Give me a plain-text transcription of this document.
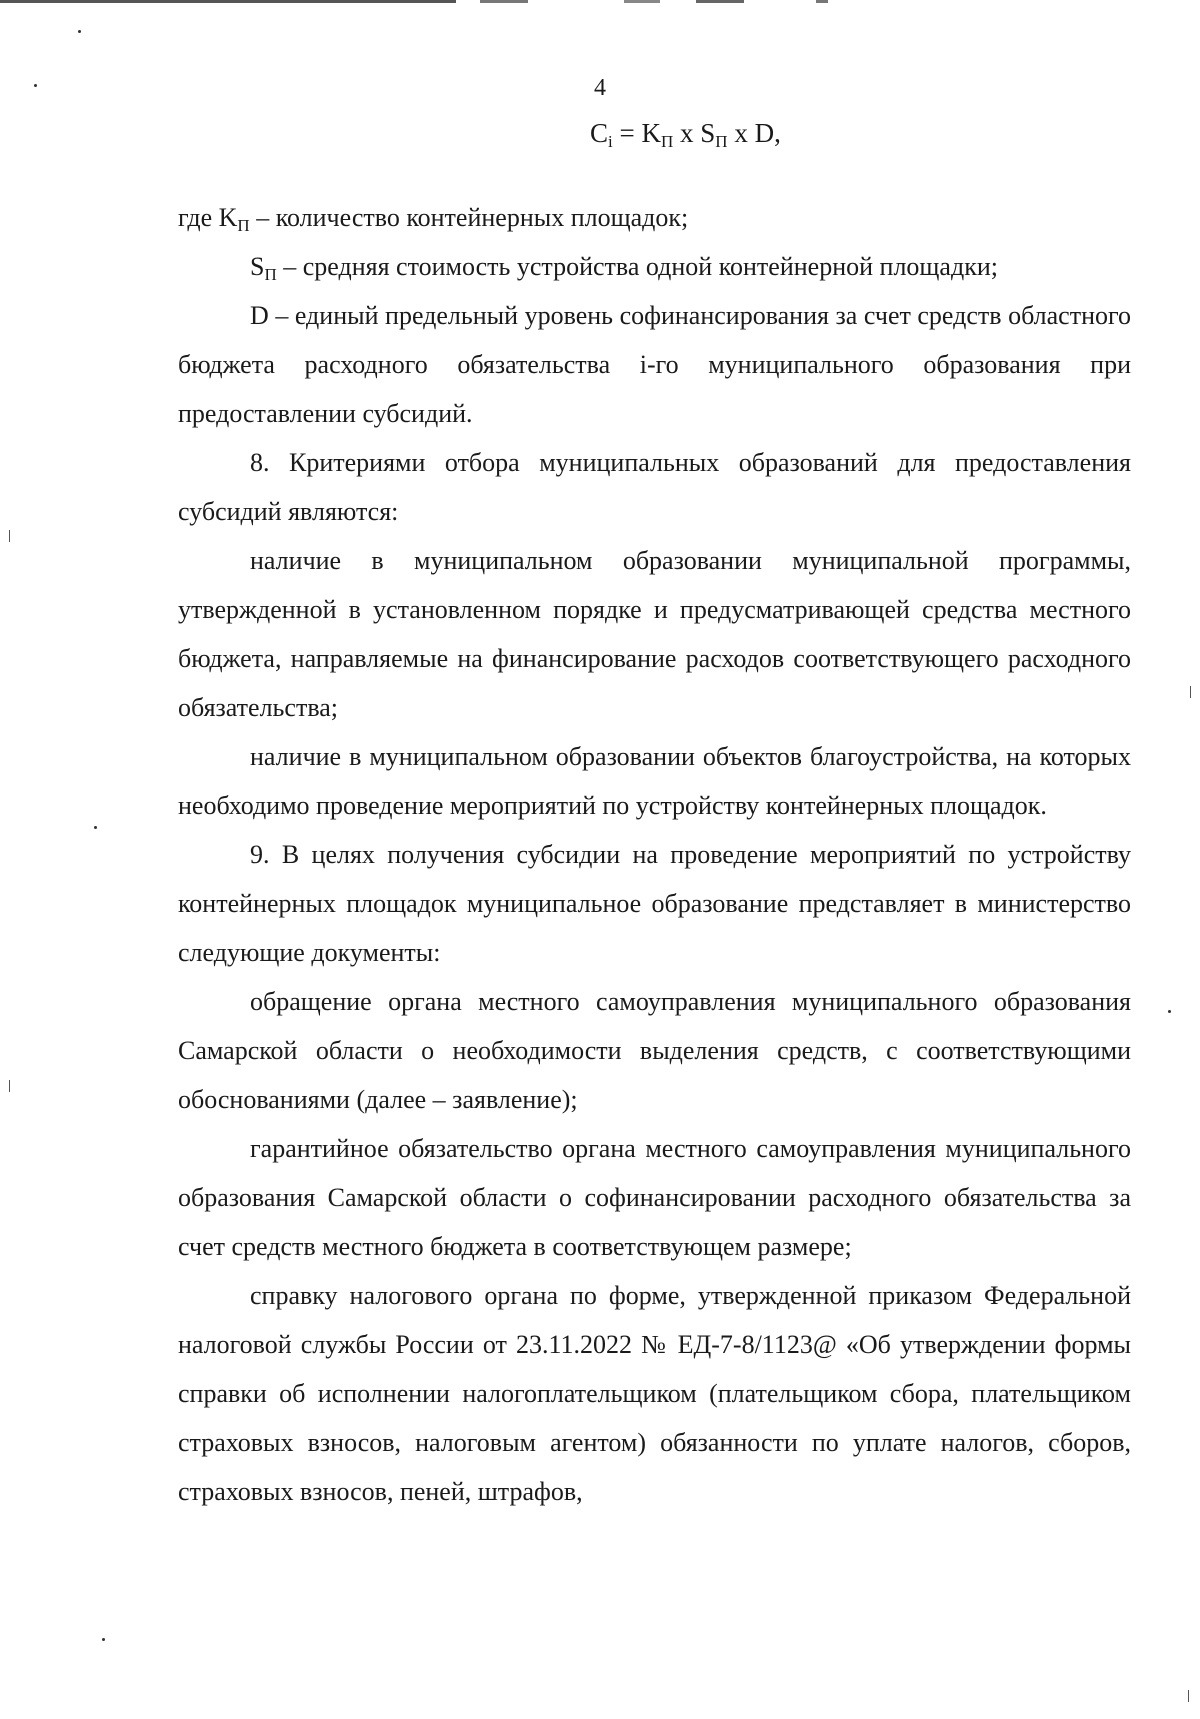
4
$C_i = K_П$ x $S_П$ x D,

где $K_П$ – количество контейнерных площадок;

$S_П$ – средняя стоимость устройства одной контейнерной площадки;

D – единый предельный уровень софинансирования за счет средств областного бюджета расходного обязательства i-го муниципального образования при предоставлении субсидий.

8. Критериями отбора муниципальных образований для предоставления субсидий являются:

наличие в муниципальном образовании муниципальной программы, утвержденной в установленном порядке и предусматривающей средства местного бюджета, направляемые на финансирование расходов соответствующего расходного обязательства;

наличие в муниципальном образовании объектов благоустройства, на которых необходимо проведение мероприятий по устройству контейнерных площадок.

9. В целях получения субсидии на проведение мероприятий по устройству контейнерных площадок муниципальное образование представляет в министерство следующие документы:

обращение органа местного самоуправления муниципального образования Самарской области о необходимости выделения средств, с соответствующими обоснованиями (далее – заявление);

гарантийное обязательство органа местного самоуправления муниципального образования Самарской области о софинансировании расходного обязательства за счет средств местного бюджета в соответствующем размере;

справку налогового органа по форме, утвержденной приказом Федеральной налоговой службы России от 23.11.2022 № ЕД-7-8/1123@ «Об утверждении формы справки об исполнении налогоплательщиком (плательщиком сбора, плательщиком страховых взносов, налоговым агентом) обязанности по уплате налогов, сборов, страховых взносов, пеней, штрафов,
